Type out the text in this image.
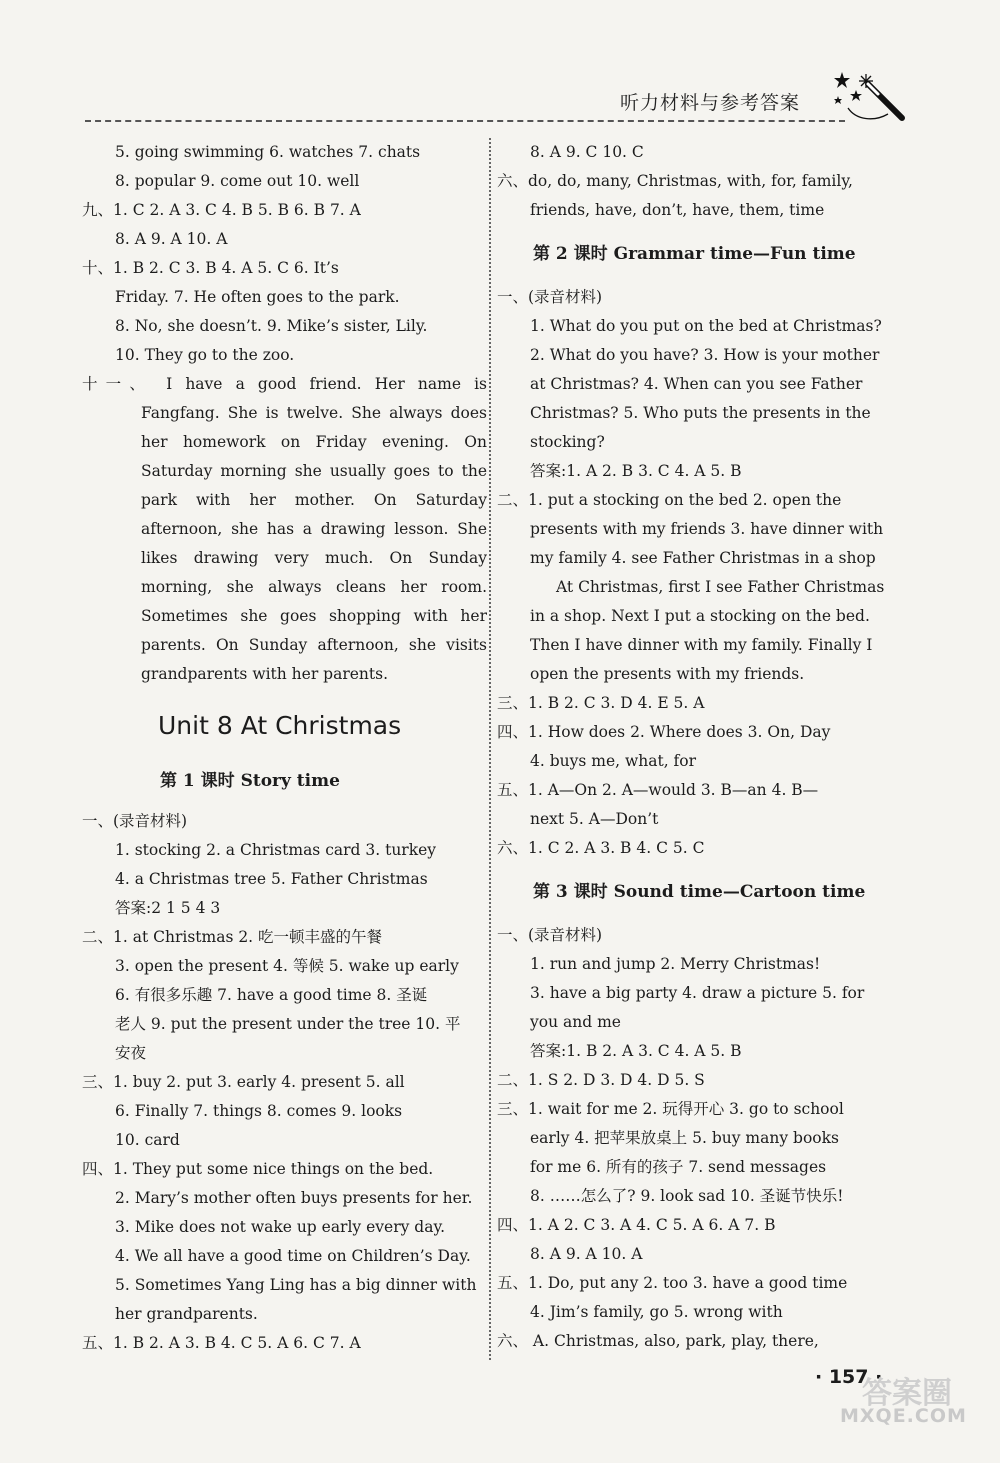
听力材料与参考答案
5. going swimming 6. watches 7. chats
8. popular 9. come out 10. well
九、1. C 2. A 3. C 4. B 5. B 6. B 7. A
8. A 9. A 10. A
十、1. B 2. C 3. B 4. A 5. C 6. It’s
Friday. 7. He often goes to the park.
8. No, she doesn’t. 9. Mike’s sister, Lily.
10. They go to the zoo.
十一、 I have a good friend. Her name is
Fangfang. She is twelve. She always does
her homework on Friday evening. On
Saturday morning she usually goes to the
park with her mother. On Saturday
afternoon, she has a drawing lesson. She
likes drawing very much. On Sunday
morning, she always cleans her room.
Sometimes she goes shopping with her
parents. On Sunday afternoon, she visits
grandparents with her parents.
Unit 8 At Christmas
第 1 课时 Story time
一、(录音材料)
1. stocking 2. a Christmas card 3. turkey
4. a Christmas tree 5. Father Christmas
答案:2 1 5 4 3
二、1. at Christmas 2. 吃一顿丰盛的午餐
3. open the present 4. 等候 5. wake up early
6. 有很多乐趣 7. have a good time 8. 圣诞
老人 9. put the present under the tree 10. 平
安夜
三、1. buy 2. put 3. early 4. present 5. all
6. Finally 7. things 8. comes 9. looks
10. card
四、1. They put some nice things on the bed.
2. Mary’s mother often buys presents for her.
3. Mike does not wake up early every day.
4. We all have a good time on Children’s Day.
5. Sometimes Yang Ling has a big dinner with
her grandparents.
五、1. B 2. A 3. B 4. C 5. A 6. C 7. A
8. A 9. C 10. C
六、do, do, many, Christmas, with, for, family,
friends, have, don’t, have, them, time
第 2 课时 Grammar time—Fun time
一、(录音材料)
1. What do you put on the bed at Christmas?
2. What do you have? 3. How is your mother
at Christmas? 4. When can you see Father
Christmas? 5. Who puts the presents in the
stocking?
答案:1. A 2. B 3. C 4. A 5. B
二、1. put a stocking on the bed 2. open the
presents with my friends 3. have dinner with
my family 4. see Father Christmas in a shop
At Christmas, first I see Father Christmas
in a shop. Next I put a stocking on the bed.
Then I have dinner with my family. Finally I
open the presents with my friends.
三、1. B 2. C 3. D 4. E 5. A
四、1. How does 2. Where does 3. On, Day
4. buys me, what, for
五、1. A—On 2. A—would 3. B—an 4. B—
next 5. A—Don’t
六、1. C 2. A 3. B 4. C 5. C
第 3 课时 Sound time—Cartoon time
一、(录音材料)
1. run and jump 2. Merry Christmas!
3. have a big party 4. draw a picture 5. for
you and me
答案:1. B 2. A 3. C 4. A 5. B
二、1. S 2. D 3. D 4. D 5. S
三、1. wait for me 2. 玩得开心 3. go to school
early 4. 把苹果放桌上 5. buy many books
for me 6. 所有的孩子 7. send messages
8. ……怎么了? 9. look sad 10. 圣诞节快乐!
四、1. A 2. C 3. A 4. C 5. A 6. A 7. B
8. A 9. A 10. A
五、1. Do, put any 2. too 3. have a good time
4. Jim’s family, go 5. wrong with
六、 A. Christmas, also, park, play, there,
· 157 ·
答案圈
MXQE.COM
